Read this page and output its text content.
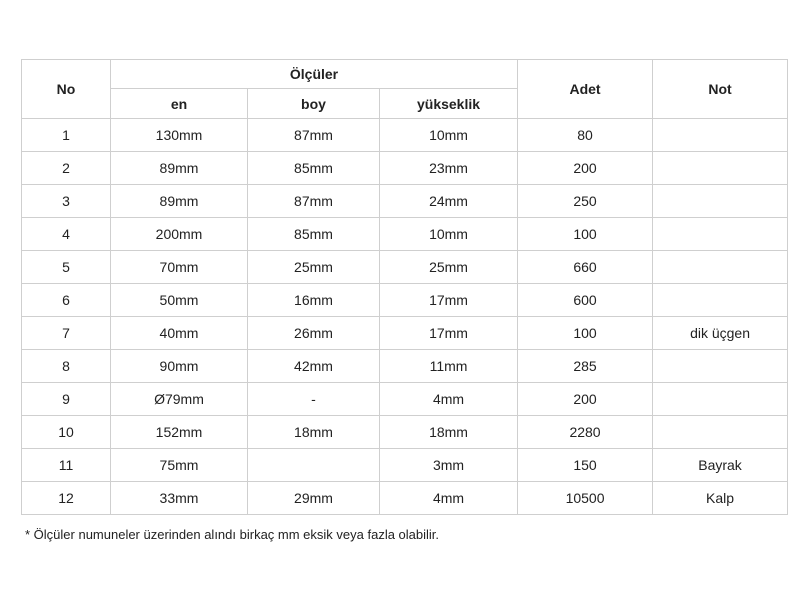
No	Ölçüler			Adet	Not
	en	boy	yükseklik		
1	130mm	87mm	10mm	80	
2	89mm	85mm	23mm	200	
3	89mm	87mm	24mm	250	
4	200mm	85mm	10mm	100	
5	70mm	25mm	25mm	660	
6	50mm	16mm	17mm	600	
7	40mm	26mm	17mm	100	dik üçgen
8	90mm	42mm	11mm	285	
9	Ø79mm	-	4mm	200	
10	152mm	18mm	18mm	2280	
11	75mm		3mm	150	Bayrak
12	33mm	29mm	4mm	10500	Kalp
* Ölçüler numuneler üzerinden alındı birkaç mm eksik veya fazla olabilir.
